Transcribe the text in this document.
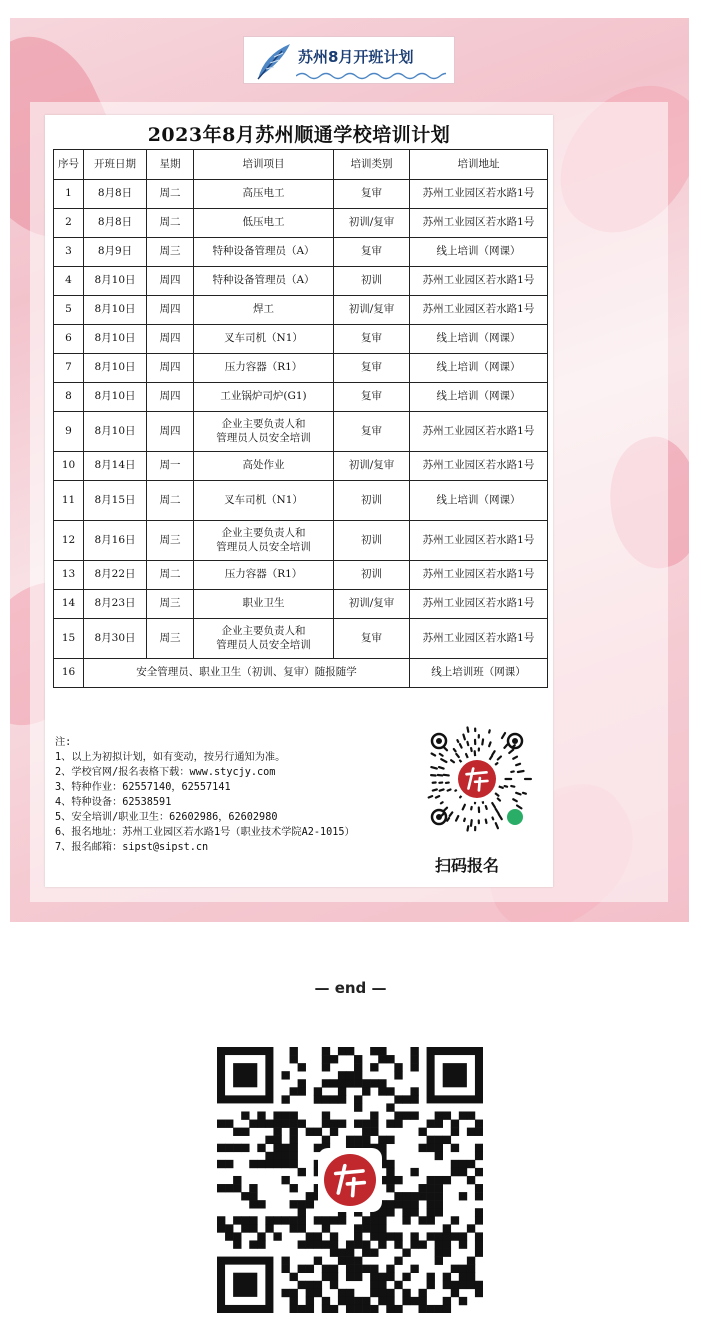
苏州8月开班计划
2023年8月苏州顺通学校培训计划
序号	开班日期	星期	培训项目	培训类别	培训地址
1	8月8日	周二	高压电工	复审	苏州工业园区若水路1号
2	8月8日	周二	低压电工	初训/复审	苏州工业园区若水路1号
3	8月9日	周三	特种设备管理员（A）	复审	线上培训（网课）
4	8月10日	周四	特种设备管理员（A）	初训	苏州工业园区若水路1号
5	8月10日	周四	焊工	初训/复审	苏州工业园区若水路1号
6	8月10日	周四	叉车司机（N1）	复审	线上培训（网课）
7	8月10日	周四	压力容器（R1）	复审	线上培训（网课）
8	8月10日	周四	工业锅炉司炉(G1)	复审	线上培训（网课）
9	8月10日	周四	企业主要负责人和
管理员人员安全培训	复审	苏州工业园区若水路1号
10	8月14日	周一	高处作业	初训/复审	苏州工业园区若水路1号
11	8月15日	周二	叉车司机（N1）	初训	线上培训（网课）
12	8月16日	周三	企业主要负责人和
管理员人员安全培训	初训	苏州工业园区若水路1号
13	8月22日	周二	压力容器（R1）	初训	苏州工业园区若水路1号
14	8月23日	周三	职业卫生	初训/复审	苏州工业园区若水路1号
15	8月30日	周三	企业主要负责人和
管理员人员安全培训	复审	苏州工业园区若水路1号
16	安全管理员、职业卫生（初训、复审）随报随学				线上培训班（网课）
注:
1、以上为初拟计划，如有变动，按另行通知为准。
2、学校官网/报名表格下载：www.stycjy.com
3、特种作业：62557140，62557141
4、特种设备：62538591
5、安全培训/职业卫生：62602986，62602980
6、报名地址：苏州工业园区若水路1号（职业技术学院A2-1015）
7、报名邮箱：sipst@sipst.cn
扫码报名
— end —
